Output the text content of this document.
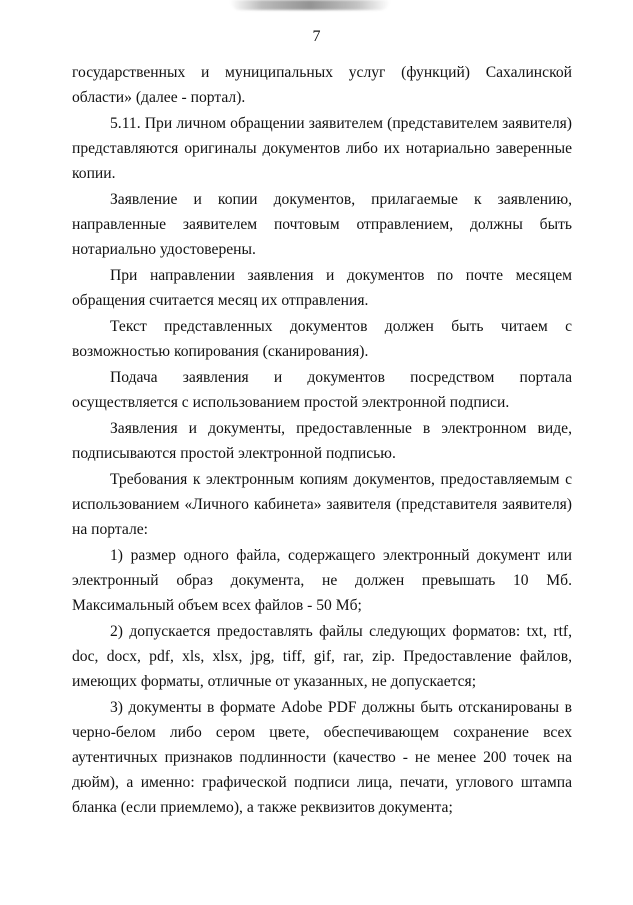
7

государственных и муниципальных услуг (функций) Сахалинской области» (далее - портал).

5.11. При личном обращении заявителем (представителем заявителя) представляются оригиналы документов либо их нотариально заверенные копии.

Заявление и копии документов, прилагаемые к заявлению, направленные заявителем почтовым отправлением, должны быть нотариально удостоверены.

При направлении заявления и документов по почте месяцем обращения считается месяц их отправления.

Текст представленных документов должен быть читаем с возможностью копирования (сканирования).

Подача заявления и документов посредством портала осуществляется с использованием простой электронной подписи.

Заявления и документы, предоставленные в электронном виде, подписываются простой электронной подписью.

Требования к электронным копиям документов, предоставляемым с использованием «Личного кабинета» заявителя (представителя заявителя) на портале:

1) размер одного файла, содержащего электронный документ или электронный образ документа, не должен превышать 10 Мб. Максимальный объем всех файлов - 50 Мб;

2) допускается предоставлять файлы следующих форматов: txt, rtf, doc, docx, pdf, xls, xlsx, jpg, tiff, gif, rar, zip. Предоставление файлов, имеющих форматы, отличные от указанных, не допускается;

3) документы в формате Adobe PDF должны быть отсканированы в черно-белом либо сером цвете, обеспечивающем сохранение всех аутентичных признаков подлинности (качество - не менее 200 точек на дюйм), а именно: графической подписи лица, печати, углового штампа бланка (если приемлемо), а также реквизитов документа;
